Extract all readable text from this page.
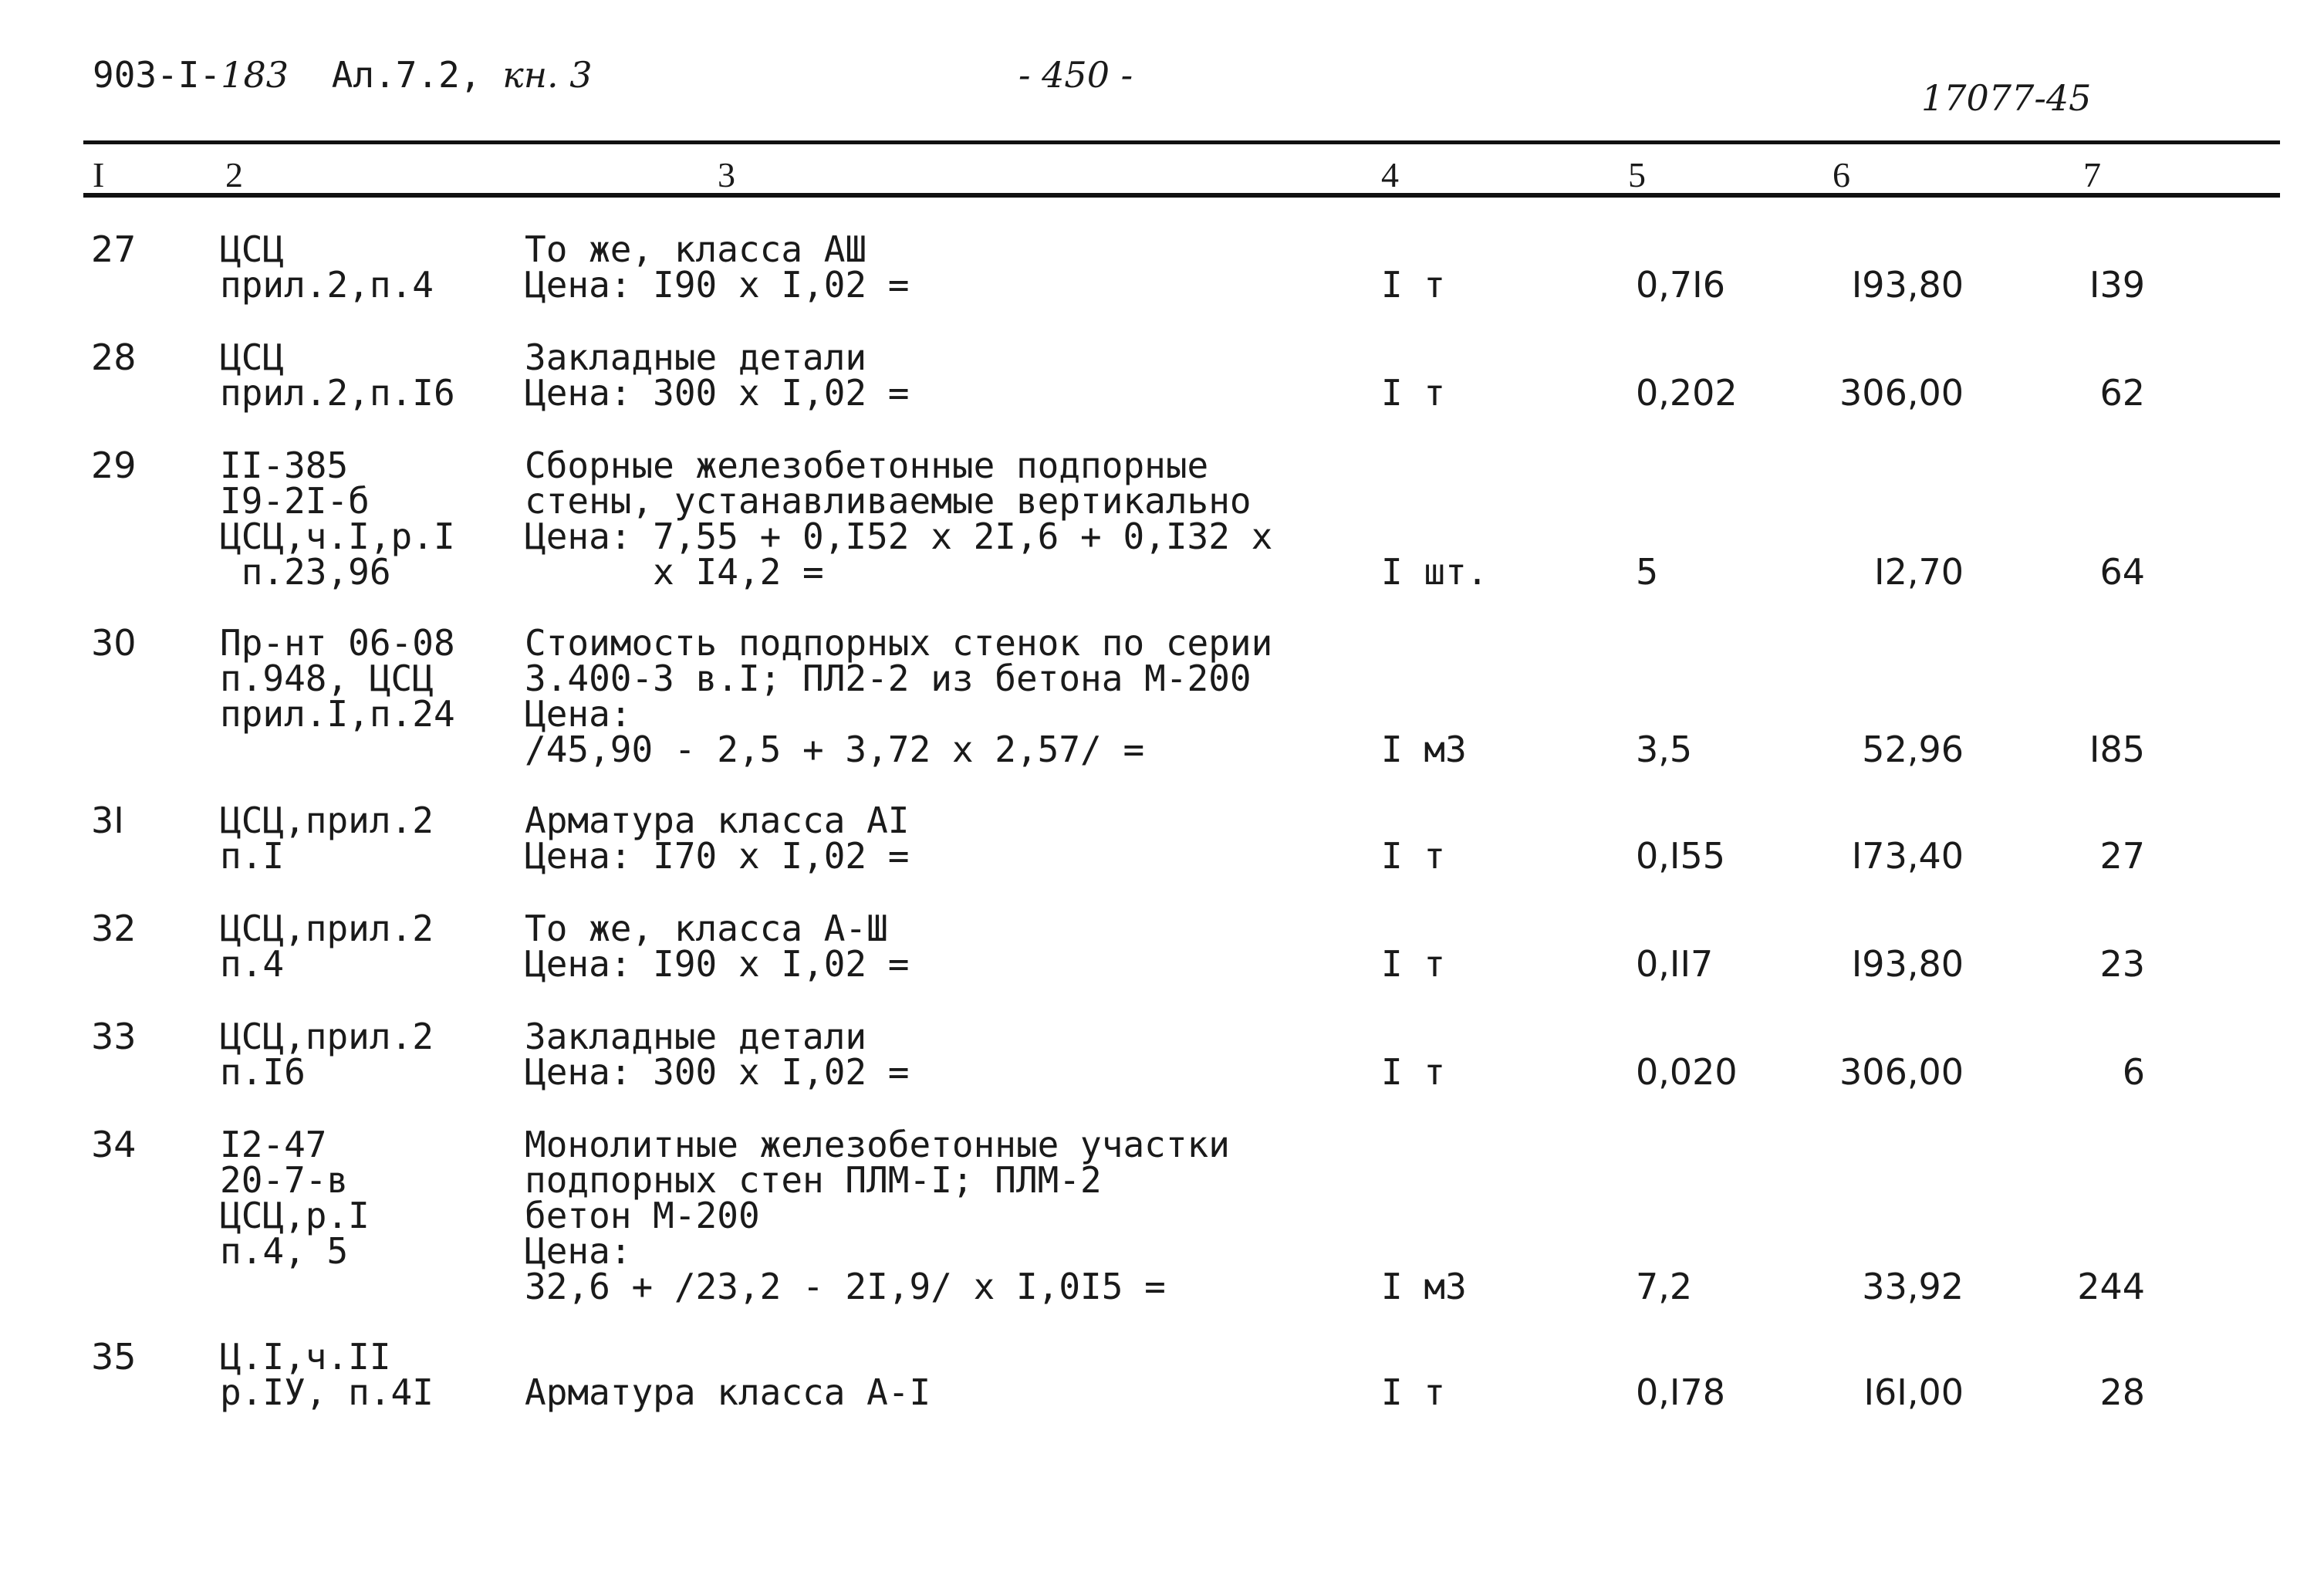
903-I-183 Ал.7.2, кн. 3	- 450 -
17077-45
I	2	3	4	5	6	7
27 ЦСЦ
прил.2,п.4
То же, класса АШ
Цена: I90 х I,02 =	I т	0,7I6	I93,80	I39
28 ЦСЦ
прил.2,п.I6
Закладные детали
Цена: 300 х I,02 =	I т	0,202	306,00	62
29 II-385
I9-2I-б
ЦСЦ,ч.I,р.I
п.23,96
Сборные железобетонные подпорные
стены, устанавливаемые вертикально
Цена: 7,55 + 0,I52 х 2I,6 + 0,I32 х
х I4,2 =	I шт.	5	I2,70	64
30 Пр-нт 06-08
п.948, ЦСЦ
прил.I,п.24
Стоимость подпорных стенок по серии
3.400-3 в.I; ПЛ2-2 из бетона М-200
Цена:
/45,90 - 2,5 + 3,72 х 2,57/ =	I м3	3,5	52,96	I85
3I	ЦСЦ,прил.2
п.I
Арматура класса АI
Цена: I70 х I,02 =	I т	0,I55	I73,40	27
32 ЦСЦ,прил.2
п.4
То же, класса А-Ш
Цена: I90 х I,02 =	I т	0,II7	I93,80	23
33 ЦСЦ,прил.2
п.I6
Закладные детали
Цена: 300 х I,02 =	I т	0,020	306,00	6
34 I2-47
20-7-в
ЦСЦ,р.I
п.4, 5
Монолитные железобетонные участки
подпорных стен ПЛМ-I; ПЛМ-2
бетон М-200
Цена:
32,6 + /23,2 - 2I,9/ х I,0I5 =	I м3	7,2	33,92	244
35 Ц.I,ч.II
р.IУ, п.4I	
Арматура класса А-I	I т	0,I78	I6I,00	28
